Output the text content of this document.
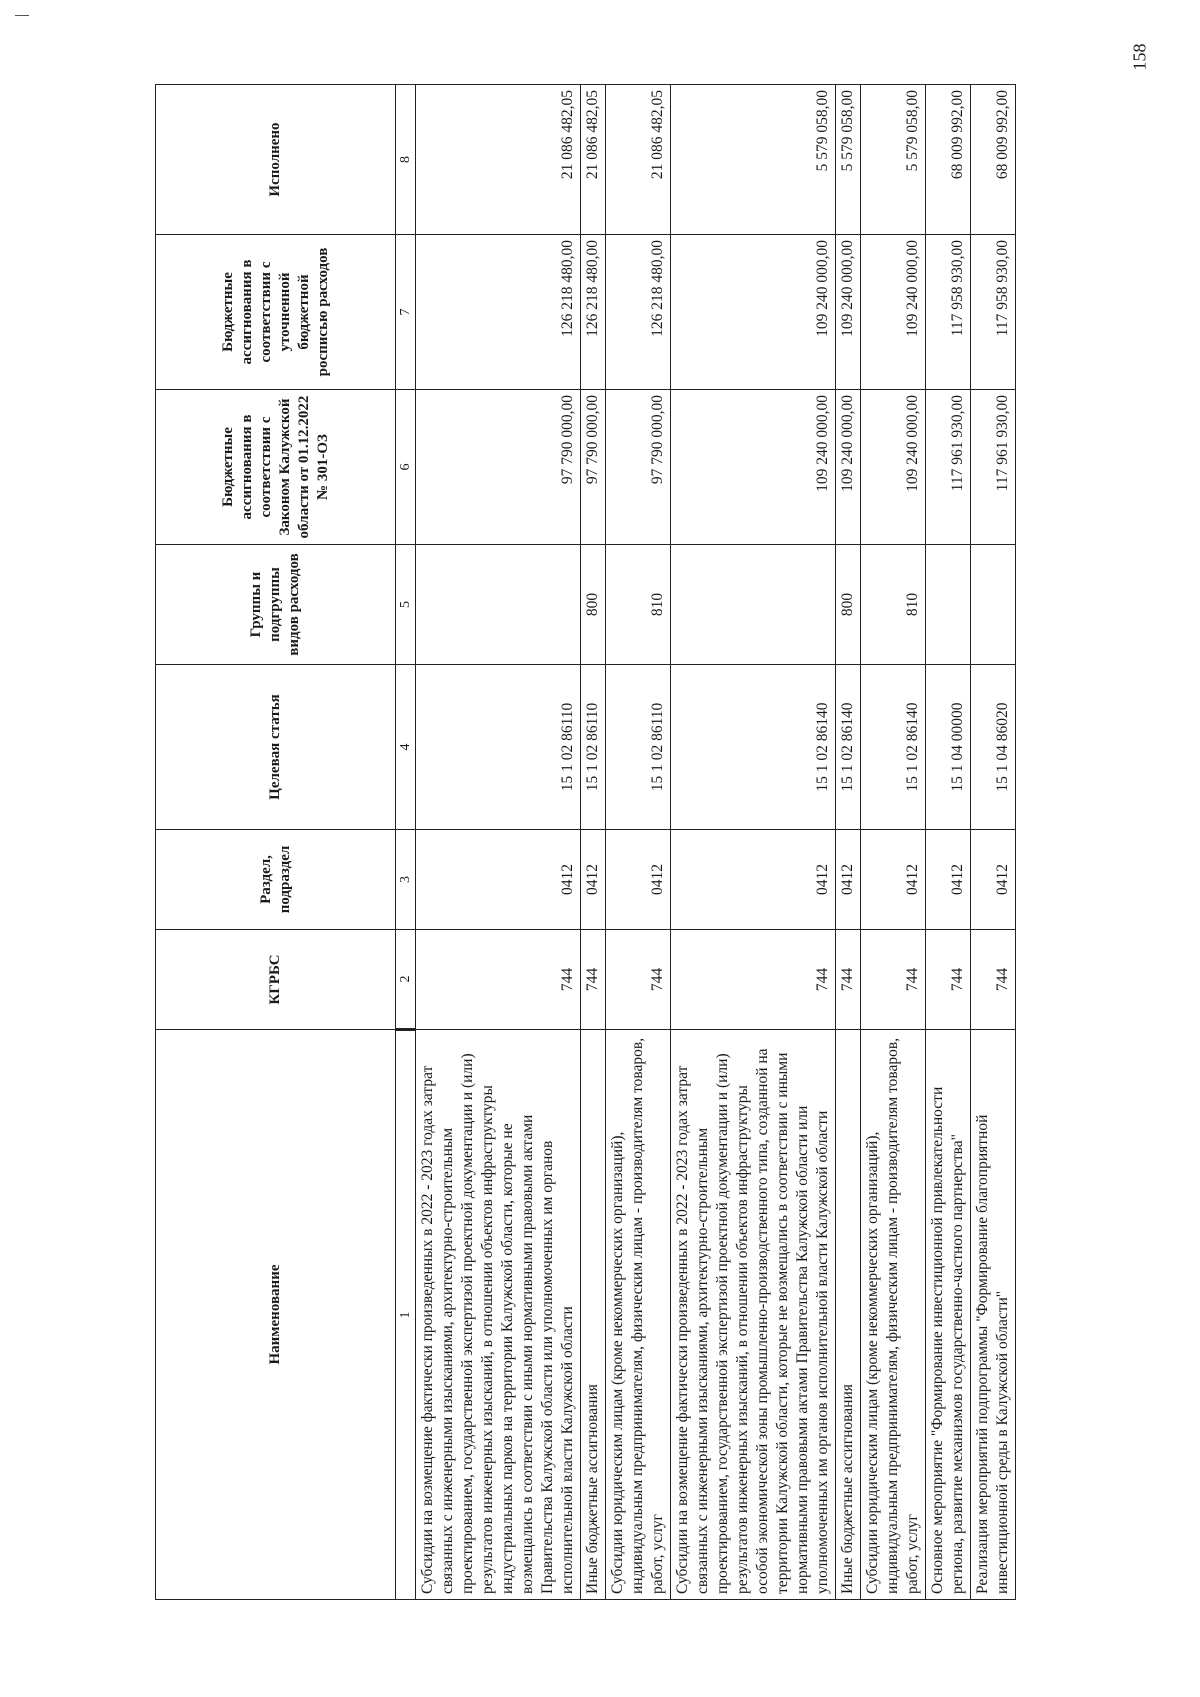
Наименование	КГРБС	Раздел, подраздел	Целевая статья	Группы и подгруппы видов расходов	Бюджетные ассигнования в соответствии с Законом Калужской области от 01.12.2022 № 301-ОЗ	Бюджетные ассигнования в соответствии с уточненной бюджетной росписью расходов	Исполнено
1	2	3	4	5	6	7	8
Субсидии на возмещение фактически произведенных в 2022 - 2023 годах затрат связанных с инженерными изысканиями, архитектурно-строительным проектированием, государственной экспертизой проектной документации и (или) результатов инженерных изысканий, в отношении объектов инфраструктуры индустриальных парков на территории Калужской области, которые не возмещались в соответствии с иными нормативными правовыми актами Правительства Калужской области или уполномоченных им органов исполнительной власти Калужской области	744	0412	15 1 02 86110		97 790 000,00	126 218 480,00	21 086 482,05
Иные бюджетные ассигнования	744	0412	15 1 02 86110	800	97 790 000,00	126 218 480,00	21 086 482,05
Субсидии юридическим лицам (кроме некоммерческих организаций), индивидуальным предпринимателям, физическим лицам - производителям товаров, работ, услуг	744	0412	15 1 02 86110	810	97 790 000,00	126 218 480,00	21 086 482,05
Субсидии на возмещение фактически произведенных в 2022 - 2023 годах затрат связанных с инженерными изысканиями, архитектурно-строительным проектированием, государственной экспертизой проектной документации и (или) результатов инженерных изысканий, в отношении объектов инфраструктуры особой экономической зоны промышленно-производственного типа, созданной на территории Калужской области, которые не возмещались в соответствии с иными нормативными правовыми актами Правительства Калужской области или уполномоченных им органов исполнительной власти Калужской области	744	0412	15 1 02 86140		109 240 000,00	109 240 000,00	5 579 058,00
Иные бюджетные ассигнования	744	0412	15 1 02 86140	800	109 240 000,00	109 240 000,00	5 579 058,00
Субсидии юридическим лицам (кроме некоммерческих организаций), индивидуальным предпринимателям, физическим лицам - производителям товаров, работ, услуг	744	0412	15 1 02 86140	810	109 240 000,00	109 240 000,00	5 579 058,00
Основное мероприятие "Формирование инвестиционной привлекательности региона, развитие механизмов государственно-частного партнерства"	744	0412	15 1 04 00000		117 961 930,00	117 958 930,00	68 009 992,00
Реализация мероприятий подпрограммы "Формирование благоприятной инвестиционной среды в Калужской области"	744	0412	15 1 04 86020		117 961 930,00	117 958 930,00	68 009 992,00
158
